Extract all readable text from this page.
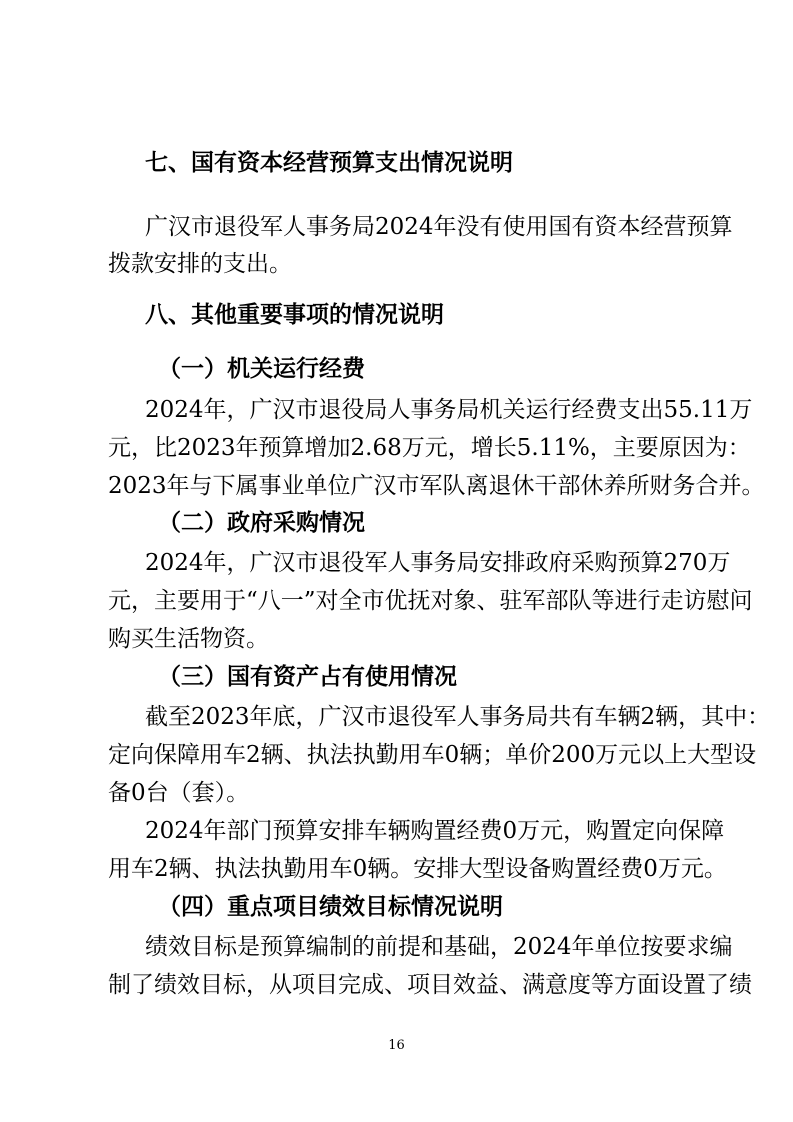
七、国有资本经营预算支出情况说明
广汉市退役军人事务局2024年没有使用国有资本经营预算
拨款安排的支出。
八、其他重要事项的情况说明
（一）机关运行经费
2024年，广汉市退役局人事务局机关运行经费支出55.11万
元，比2023年预算增加2.68万元，增长5.11%，主要原因为：
2023年与下属事业单位广汉市军队离退休干部休养所财务合并。
（二）政府采购情况
2024年，广汉市退役军人事务局安排政府采购预算270万
元，主要用于“八一”对全市优抚对象、驻军部队等进行走访慰问
购买生活物资。
（三）国有资产占有使用情况
截至2023年底，广汉市退役军人事务局共有车辆2辆，其中：
定向保障用车2辆、执法执勤用车0辆；单价200万元以上大型设
备0台（套）。
2024年部门预算安排车辆购置经费0万元，购置定向保障
用车2辆、执法执勤用车0辆。安排大型设备购置经费0万元。
（四）重点项目绩效目标情况说明
绩效目标是预算编制的前提和基础，2024年单位按要求编
制了绩效目标，从项目完成、项目效益、满意度等方面设置了绩
16
